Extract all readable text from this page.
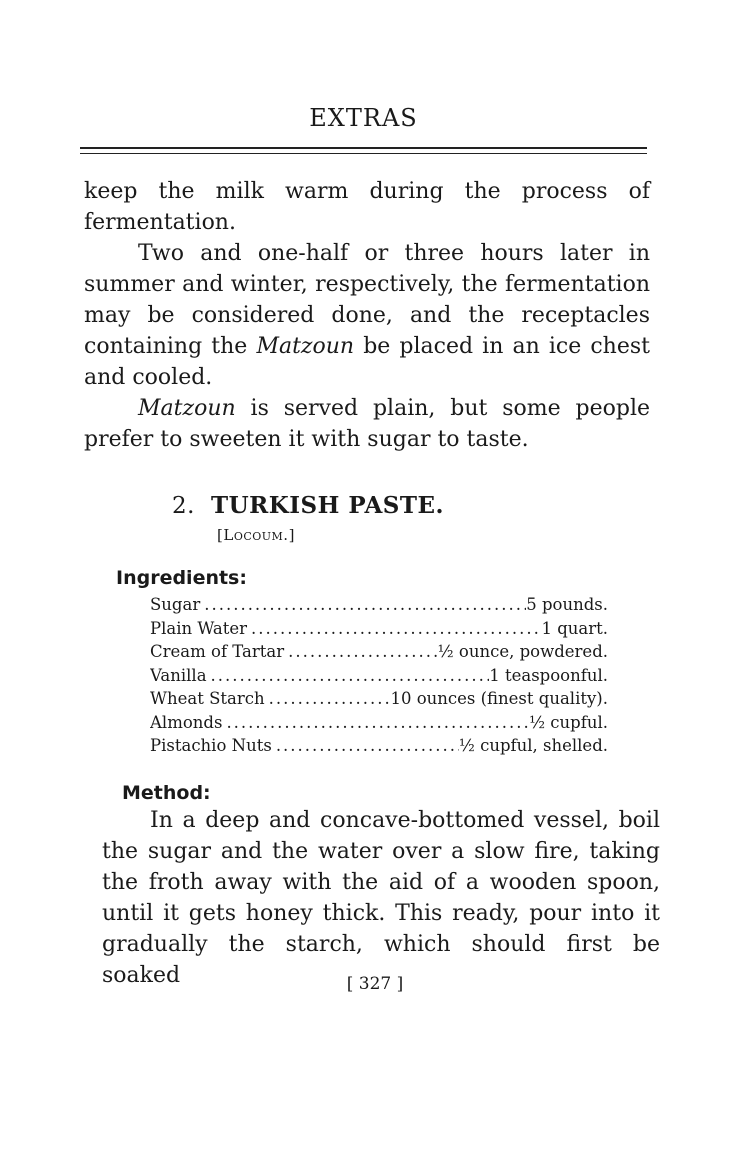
EXTRAS

keep the milk warm during the process of fermentation.

Two and one-half or three hours later in summer and winter, respectively, the fermentation may be considered done, and the receptacles containing the Matzoun be placed in an ice chest and cooled.

Matzoun is served plain, but some people prefer to sweeten it with sugar to taste.

2. TURKISH PASTE.
[Locoum.]
Ingredients:
Sugar .....	5 pounds.
Plain Water .....	1 quart.
Cream of Tartar .....	½ ounce, powdered.
Vanilla .....	1 teaspoonful.
Wheat Starch .....	10 ounces (finest quality).
Almonds .....	½ cupful.
Pistachio Nuts .....	½ cupful, shelled.
Method:

In a deep and concave-bottomed vessel, boil the sugar and the water over a slow fire, taking the froth away with the aid of a wooden spoon, until it gets honey thick. This ready, pour into it gradually the starch, which should first be soaked	[ 327 ]
